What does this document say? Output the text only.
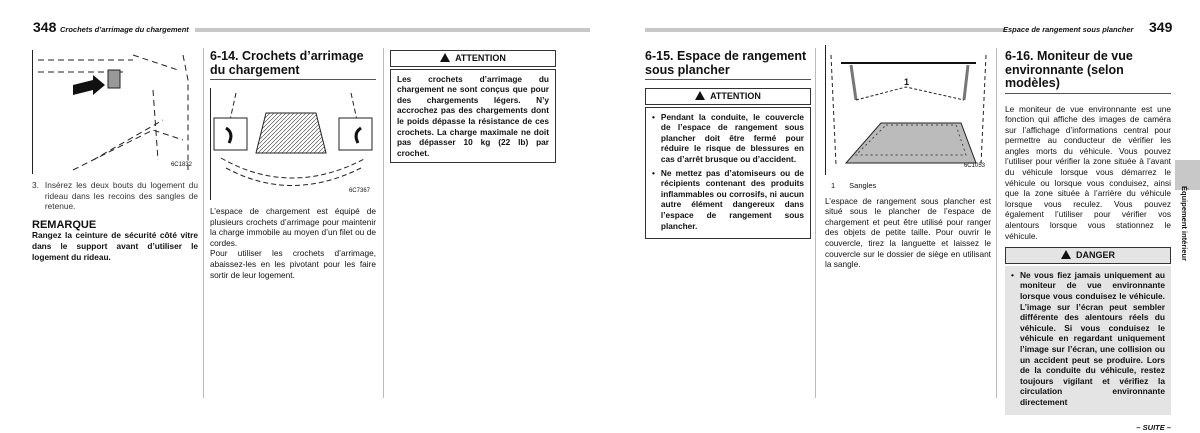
348 Crochets d’arrimage du chargement	Espace de rangement sous plancher 349
Équipement intérieur
6C1832
3. Insérez les deux bouts du logement du rideau dans les recoins des sangles de retenue.
REMARQUE

Rangez la ceinture de sécurité côté vitre dans le support avant d’utiliser le logement du rideau.

6-14. Crochets d’arrimage du chargement
6C7367

L’espace de chargement est équipé de plusieurs crochets d’arrimage pour maintenir la charge immobile au moyen d’un filet ou de cordes.

Pour utiliser les crochets d’arrimage, abaissez-les en les pivotant pour les faire sortir de leur logement.

ATTENTION
Les crochets d’arrimage du chargement ne sont conçus que pour des chargements légers. N’y accrochez pas des chargements dont le poids dépasse la résistance de ces crochets. La charge maximale ne doit pas dépasser 10 kg (22 lb) par crochet.
6-15. Espace de rangement sous plancher
ATTENTION
• Pendant la conduite, le couvercle de l’espace de rangement sous plancher doit être fermé pour réduire le risque de blessures en cas d’arrêt brusque ou d’accident.
• Ne mettez pas d’atomiseurs ou de récipients contenant des produits inflammables ou corrosifs, ni aucun autre élément dangereux dans l’espace de rangement sous plancher.
1
6C1053
1 Sangles

L’espace de rangement sous plancher est situé sous le plancher de l’espace de chargement et peut être utilisé pour ranger des objets de petite taille. Pour ouvrir le couvercle, tirez la languette et laissez le couvercle sur le dossier de siège en utilisant la sangle.

6-16. Moniteur de vue environnante (selon modèles)

Le moniteur de vue environnante est une fonction qui affiche des images de caméra sur l’affichage d’informations central pour permettre au conducteur de vérifier les angles morts du véhicule. Vous pouvez l’utiliser pour vérifier la zone située à l’avant du véhicule lorsque vous démarrez le véhicule ou lorsque vous conduisez, ainsi que la zone située à l’arrière du véhicule lorsque vous reculez. Vous pouvez également l’utiliser pour vérifier vos alentours lorsque vous stationnez le véhicule.

DANGER
• Ne vous fiez jamais uniquement au moniteur de vue environnante lorsque vous conduisez le véhicule. L’image sur l’écran peut sembler différente des alentours réels du véhicule. Si vous conduisez le véhicule en regardant uniquement l’image sur l’écran, une collision ou un accident peut se produire. Lors de la conduite du véhicule, restez toujours vigilant et vérifiez la circulation environnante directement
– SUITE –
